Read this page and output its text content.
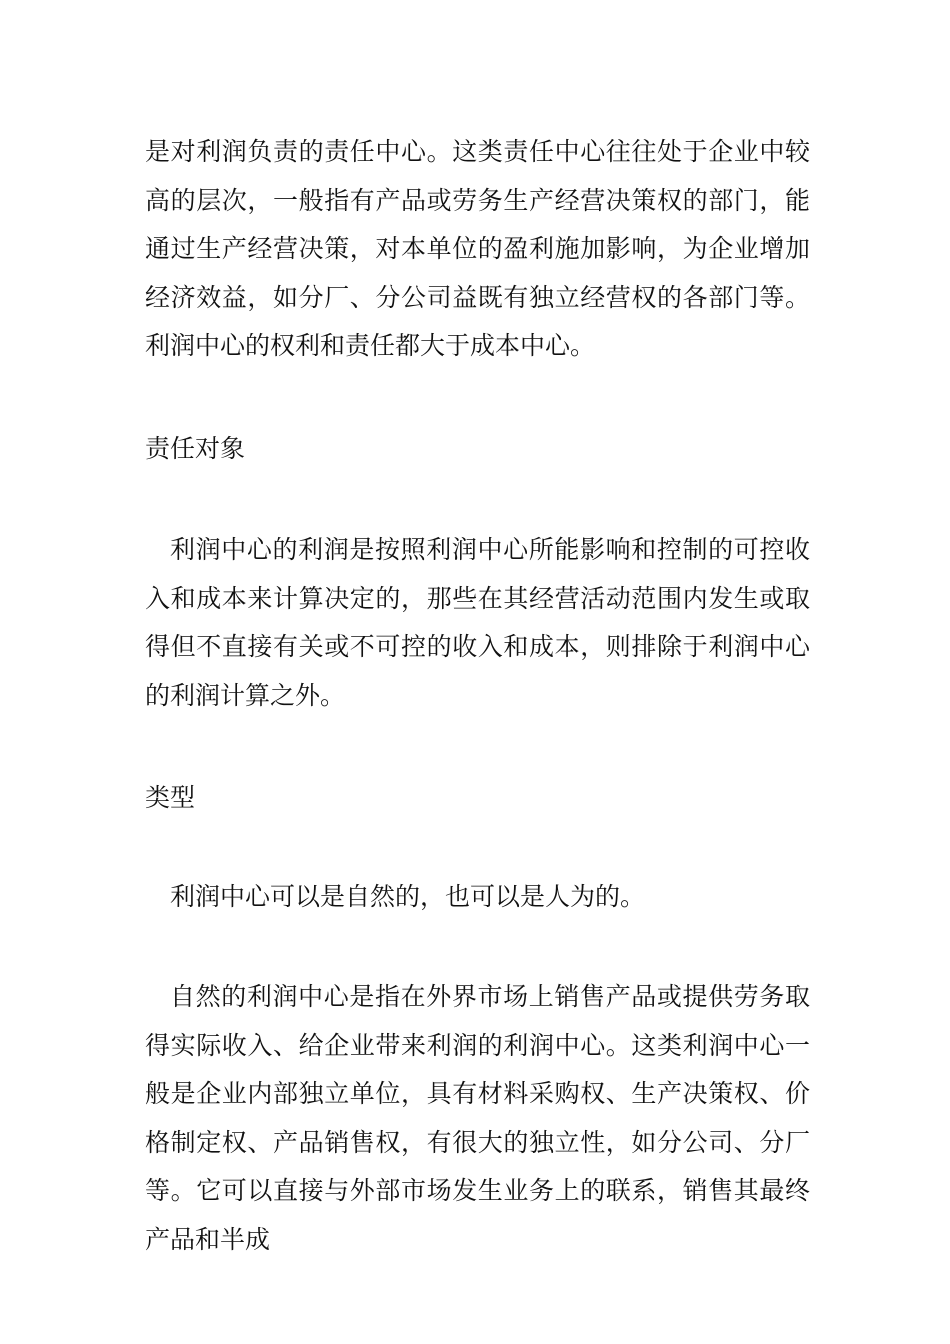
是对利润负责的责任中心。这类责任中心往往处于企业中较高的层次，一般指有产品或劳务生产经营决策权的部门，能通过生产经营决策，对本单位的盈利施加影响，为企业增加经济效益，如分厂、分公司益既有独立经营权的各部门等。利润中心的权利和责任都大于成本中心。

责任对象

利润中心的利润是按照利润中心所能影响和控制的可控收入和成本来计算决定的，那些在其经营活动范围内发生或取得但不直接有关或不可控的收入和成本，则排除于利润中心的利润计算之外。

类型

利润中心可以是自然的，也可以是人为的。

自然的利润中心是指在外界市场上销售产品或提供劳务取得实际收入、给企业带来利润的利润中心。这类利润中心一般是企业内部独立单位，具有材料采购权、生产决策权、价格制定权、产品销售权，有很大的独立性，如分公司、分厂等。它可以直接与外部市场发生业务上的联系，销售其最终产品和半成
